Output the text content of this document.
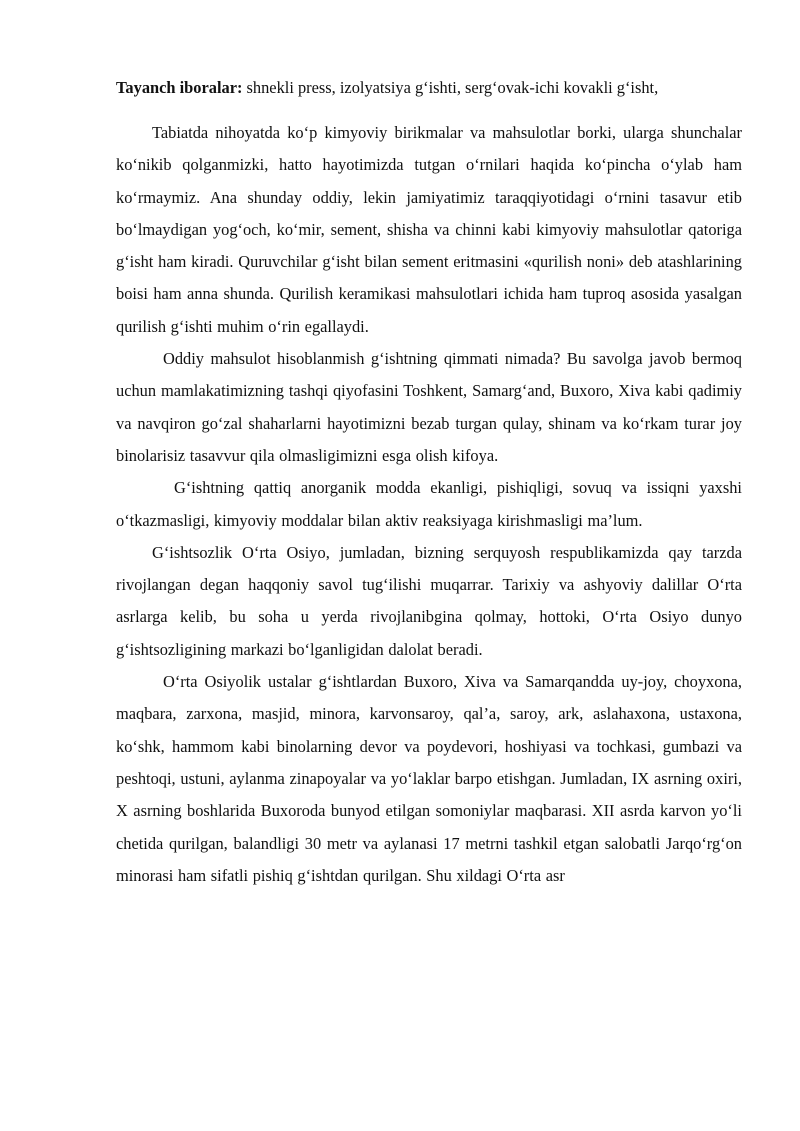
Tayanch iboralar: shnekli press, izolyatsiya g‘ishti, serg‘ovak-ichi kovakli g‘isht,

Tabiatda nihoyatda ko‘p kimyoviy birikmalar va mahsulotlar borki, ularga shunchalar ko‘nikib qolganmizki, hatto hayotimizda tutgan o‘rnilari haqida ko‘pincha o‘ylab ham ko‘rmaymiz. Ana shunday oddiy, lekin jamiyatimiz taraqqiyotidagi o‘rnini tasavur etib bo‘lmaydigan yog‘och, ko‘mir, sement, shisha va chinni kabi kimyoviy mahsulotlar qatoriga g‘isht ham kiradi. Quruvchilar g‘isht bilan sement eritmasini «qurilish noni» deb atashlarining boisi ham anna shunda. Qurilish keramikasi mahsulotlari ichida ham tuproq asosida yasalgan qurilish g‘ishti muhim o‘rin egallaydi.

Oddiy mahsulot hisoblanmish g‘ishtning qimmati nimada? Bu savolga javob bermoq uchun mamlakatimizning tashqi qiyofasini Toshkent, Samarg‘and, Buxoro, Xiva kabi qadimiy va navqiron go‘zal shaharlarni hayotimizni bezab turgan qulay, shinam va ko‘rkam turar joy binolarisiz tasavvur qila olmasligimizni esga olish kifoya.

G‘ishtning qattiq anorganik modda ekanligi, pishiqligi, sovuq va issiqni yaxshi o‘tkazmasligi, kimyoviy moddalar bilan aktiv reaksiyaga kirishmasligi ma’lum.

G‘ishtsozlik O‘rta Osiyo, jumladan, bizning serquyosh respublikamizda qay tarzda rivojlangan degan haqqoniy savol tug‘ilishi muqarrar. Tarixiy va ashyoviy dalillar O‘rta asrlarga kelib, bu soha u yerda rivojlanibgina qolmay, hottoki, O‘rta Osiyo dunyo g‘ishtsozligining markazi bo‘lganligidan dalolat beradi.

O‘rta Osiyolik ustalar g‘ishtlardan Buxoro, Xiva va Samarqandda uy-joy, choyxona, maqbara, zarxona, masjid, minora, karvonsaroy, qal’a, saroy, ark, aslahaxona, ustaxona, ko‘shk, hammom kabi binolarning devor va poydevori, hoshiyasi va tochkasi, gumbazi va peshtoqi, ustuni, aylanma zinapoyalar va yo‘laklar barpo etishgan. Jumladan, IX asrning oxiri, X asrning boshlarida Buxoroda bunyod etilgan somoniylar maqbarasi. XII asrda karvon yo‘li chetida qurilgan, balandligi 30 metr va aylanasi 17 metrni tashkil etgan salobatli Jarqo‘rg‘on minorasi ham sifatli pishiq g‘ishtdan qurilgan. Shu xildagi O‘rta asr
